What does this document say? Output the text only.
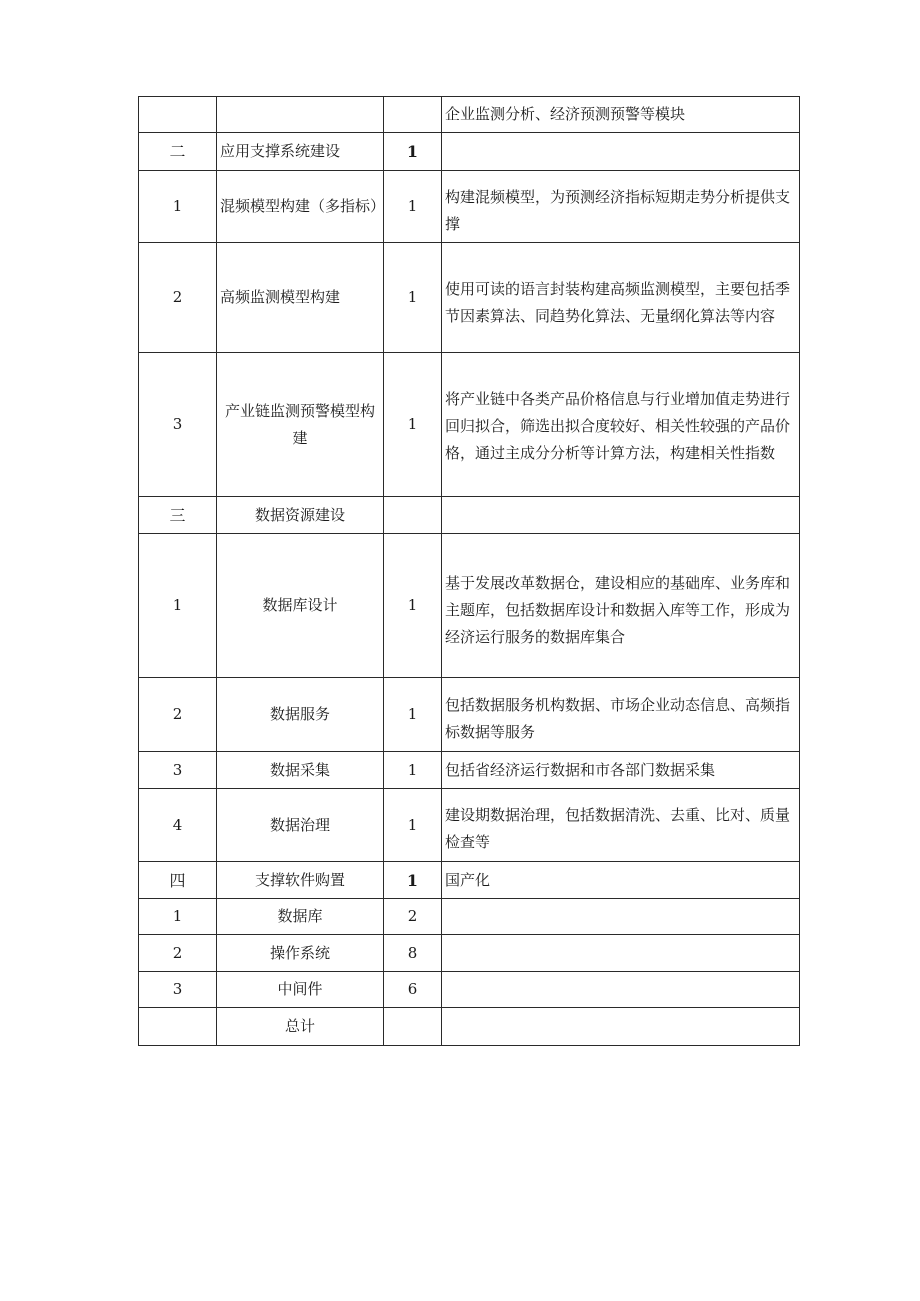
			企业监测分析、经济预测预警等模块
二	应用支撑系统建设	1	
1	混频模型构建（多指标）	1	构建混频模型，为预测经济指标短期走势分析提供支撑
2	高频监测模型构建	1	使用可读的语言封装构建高频监测模型，主要包括季节因素算法、同趋势化算法、无量纲化算法等内容
3	产业链监测预警模型构建	1	将产业链中各类产品价格信息与行业增加值走势进行回归拟合，筛选出拟合度较好、相关性较强的产品价格，通过主成分分析等计算方法，构建相关性指数
三	数据资源建设		
1	数据库设计	1	基于发展改革数据仓，建设相应的基础库、业务库和主题库，包括数据库设计和数据入库等工作，形成为经济运行服务的数据库集合
2	数据服务	1	包括数据服务机构数据、市场企业动态信息、高频指标数据等服务
3	数据采集	1	包括省经济运行数据和市各部门数据采集
4	数据治理	1	建设期数据治理，包括数据清洗、去重、比对、质量检查等
四	支撑软件购置	1	国产化
1	数据库	2	
2	操作系统	8	
3	中间件	6	
	总计		
